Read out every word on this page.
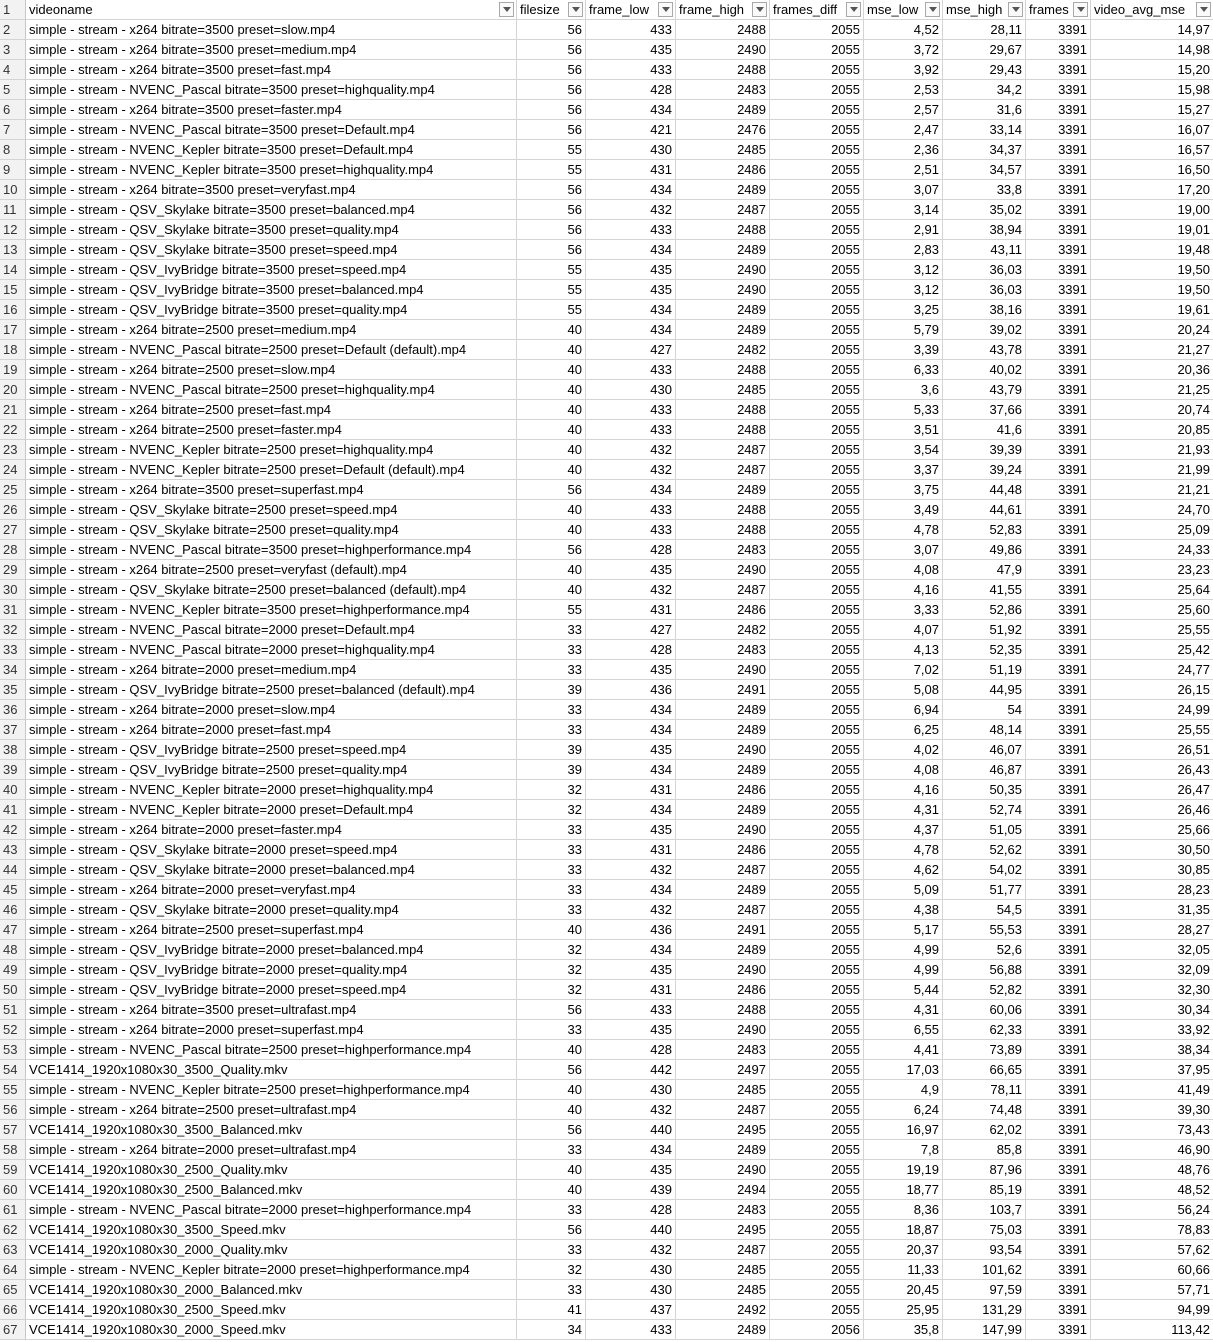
1	videoname	filesize	frame_low	frame_high	frames_diff	mse_low	mse_high	frames	video_avg_mse
2	simple - stream - x264 bitrate=3500 preset=slow.mp4	56	433	2488	2055	4,52	28,11	3391	14,97
3	simple - stream - x264 bitrate=3500 preset=medium.mp4	56	435	2490	2055	3,72	29,67	3391	14,98
4	simple - stream - x264 bitrate=3500 preset=fast.mp4	56	433	2488	2055	3,92	29,43	3391	15,20
5	simple - stream - NVENC_Pascal bitrate=3500 preset=highquality.mp4	56	428	2483	2055	2,53	34,2	3391	15,98
6	simple - stream - x264 bitrate=3500 preset=faster.mp4	56	434	2489	2055	2,57	31,6	3391	15,27
7	simple - stream - NVENC_Pascal bitrate=3500 preset=Default.mp4	56	421	2476	2055	2,47	33,14	3391	16,07
8	simple - stream - NVENC_Kepler bitrate=3500 preset=Default.mp4	55	430	2485	2055	2,36	34,37	3391	16,57
9	simple - stream - NVENC_Kepler bitrate=3500 preset=highquality.mp4	55	431	2486	2055	2,51	34,57	3391	16,50
10 simple - stream - x264 bitrate=3500 preset=veryfast.mp4	56	434	2489	2055	3,07	33,8	3391	17,20
11 simple - stream - QSV_Skylake bitrate=3500 preset=balanced.mp4	56	432	2487	2055	3,14	35,02	3391	19,00
12 simple - stream - QSV_Skylake bitrate=3500 preset=quality.mp4	56	433	2488	2055	2,91	38,94	3391	19,01
13 simple - stream - QSV_Skylake bitrate=3500 preset=speed.mp4	56	434	2489	2055	2,83	43,11	3391	19,48
14 simple - stream - QSV_IvyBridge bitrate=3500 preset=speed.mp4	55	435	2490	2055	3,12	36,03	3391	19,50
15 simple - stream - QSV_IvyBridge bitrate=3500 preset=balanced.mp4	55	435	2490	2055	3,12	36,03	3391	19,50
16 simple - stream - QSV_IvyBridge bitrate=3500 preset=quality.mp4	55	434	2489	2055	3,25	38,16	3391	19,61
17 simple - stream - x264 bitrate=2500 preset=medium.mp4	40	434	2489	2055	5,79	39,02	3391	20,24
18 simple - stream - NVENC_Pascal bitrate=2500 preset=Default (default).mp4	40	427	2482	2055	3,39	43,78	3391	21,27
19 simple - stream - x264 bitrate=2500 preset=slow.mp4	40	433	2488	2055	6,33	40,02	3391	20,36
20 simple - stream - NVENC_Pascal bitrate=2500 preset=highquality.mp4	40	430	2485	2055	3,6	43,79	3391	21,25
21 simple - stream - x264 bitrate=2500 preset=fast.mp4	40	433	2488	2055	5,33	37,66	3391	20,74
22 simple - stream - x264 bitrate=2500 preset=faster.mp4	40	433	2488	2055	3,51	41,6	3391	20,85
23 simple - stream - NVENC_Kepler bitrate=2500 preset=highquality.mp4	40	432	2487	2055	3,54	39,39	3391	21,93
24 simple - stream - NVENC_Kepler bitrate=2500 preset=Default (default).mp4	40	432	2487	2055	3,37	39,24	3391	21,99
25 simple - stream - x264 bitrate=3500 preset=superfast.mp4	56	434	2489	2055	3,75	44,48	3391	21,21
26 simple - stream - QSV_Skylake bitrate=2500 preset=speed.mp4	40	433	2488	2055	3,49	44,61	3391	24,70
27 simple - stream - QSV_Skylake bitrate=2500 preset=quality.mp4	40	433	2488	2055	4,78	52,83	3391	25,09
28 simple - stream - NVENC_Pascal bitrate=3500 preset=highperformance.mp4	56	428	2483	2055	3,07	49,86	3391	24,33
29 simple - stream - x264 bitrate=2500 preset=veryfast (default).mp4	40	435	2490	2055	4,08	47,9	3391	23,23
30 simple - stream - QSV_Skylake bitrate=2500 preset=balanced (default).mp4	40	432	2487	2055	4,16	41,55	3391	25,64
31 simple - stream - NVENC_Kepler bitrate=3500 preset=highperformance.mp4	55	431	2486	2055	3,33	52,86	3391	25,60
32 simple - stream - NVENC_Pascal bitrate=2000 preset=Default.mp4	33	427	2482	2055	4,07	51,92	3391	25,55
33 simple - stream - NVENC_Pascal bitrate=2000 preset=highquality.mp4	33	428	2483	2055	4,13	52,35	3391	25,42
34 simple - stream - x264 bitrate=2000 preset=medium.mp4	33	435	2490	2055	7,02	51,19	3391	24,77
35 simple - stream - QSV_IvyBridge bitrate=2500 preset=balanced (default).mp4	39	436	2491	2055	5,08	44,95	3391	26,15
36 simple - stream - x264 bitrate=2000 preset=slow.mp4	33	434	2489	2055	6,94	54	3391	24,99
37 simple - stream - x264 bitrate=2000 preset=fast.mp4	33	434	2489	2055	6,25	48,14	3391	25,55
38 simple - stream - QSV_IvyBridge bitrate=2500 preset=speed.mp4	39	435	2490	2055	4,02	46,07	3391	26,51
39 simple - stream - QSV_IvyBridge bitrate=2500 preset=quality.mp4	39	434	2489	2055	4,08	46,87	3391	26,43
40 simple - stream - NVENC_Kepler bitrate=2000 preset=highquality.mp4	32	431	2486	2055	4,16	50,35	3391	26,47
41 simple - stream - NVENC_Kepler bitrate=2000 preset=Default.mp4	32	434	2489	2055	4,31	52,74	3391	26,46
42 simple - stream - x264 bitrate=2000 preset=faster.mp4	33	435	2490	2055	4,37	51,05	3391	25,66
43 simple - stream - QSV_Skylake bitrate=2000 preset=speed.mp4	33	431	2486	2055	4,78	52,62	3391	30,50
44 simple - stream - QSV_Skylake bitrate=2000 preset=balanced.mp4	33	432	2487	2055	4,62	54,02	3391	30,85
45 simple - stream - x264 bitrate=2000 preset=veryfast.mp4	33	434	2489	2055	5,09	51,77	3391	28,23
46 simple - stream - QSV_Skylake bitrate=2000 preset=quality.mp4	33	432	2487	2055	4,38	54,5	3391	31,35
47 simple - stream - x264 bitrate=2500 preset=superfast.mp4	40	436	2491	2055	5,17	55,53	3391	28,27
48 simple - stream - QSV_IvyBridge bitrate=2000 preset=balanced.mp4	32	434	2489	2055	4,99	52,6	3391	32,05
49 simple - stream - QSV_IvyBridge bitrate=2000 preset=quality.mp4	32	435	2490	2055	4,99	56,88	3391	32,09
50 simple - stream - QSV_IvyBridge bitrate=2000 preset=speed.mp4	32	431	2486	2055	5,44	52,82	3391	32,30
51 simple - stream - x264 bitrate=3500 preset=ultrafast.mp4	56	433	2488	2055	4,31	60,06	3391	30,34
52 simple - stream - x264 bitrate=2000 preset=superfast.mp4	33	435	2490	2055	6,55	62,33	3391	33,92
53 simple - stream - NVENC_Pascal bitrate=2500 preset=highperformance.mp4	40	428	2483	2055	4,41	73,89	3391	38,34
54 VCE1414_1920x1080x30_3500_Quality.mkv	56	442	2497	2055	17,03	66,65	3391	37,95
55 simple - stream - NVENC_Kepler bitrate=2500 preset=highperformance.mp4	40	430	2485	2055	4,9	78,11	3391	41,49
56 simple - stream - x264 bitrate=2500 preset=ultrafast.mp4	40	432	2487	2055	6,24	74,48	3391	39,30
57 VCE1414_1920x1080x30_3500_Balanced.mkv	56	440	2495	2055	16,97	62,02	3391	73,43
58 simple - stream - x264 bitrate=2000 preset=ultrafast.mp4	33	434	2489	2055	7,8	85,8	3391	46,90
59 VCE1414_1920x1080x30_2500_Quality.mkv	40	435	2490	2055	19,19	87,96	3391	48,76
60 VCE1414_1920x1080x30_2500_Balanced.mkv	40	439	2494	2055	18,77	85,19	3391	48,52
61 simple - stream - NVENC_Pascal bitrate=2000 preset=highperformance.mp4	33	428	2483	2055	8,36	103,7	3391	56,24
62 VCE1414_1920x1080x30_3500_Speed.mkv	56	440	2495	2055	18,87	75,03	3391	78,83
63 VCE1414_1920x1080x30_2000_Quality.mkv	33	432	2487	2055	20,37	93,54	3391	57,62
64 simple - stream - NVENC_Kepler bitrate=2000 preset=highperformance.mp4	32	430	2485	2055	11,33	101,62	3391	60,66
65 VCE1414_1920x1080x30_2000_Balanced.mkv	33	430	2485	2055	20,45	97,59	3391	57,71
66 VCE1414_1920x1080x30_2500_Speed.mkv	41	437	2492	2055	25,95	131,29	3391	94,99
67 VCE1414_1920x1080x30_2000_Speed.mkv	34	433	2489	2056	35,8	147,99	3391	113,42
